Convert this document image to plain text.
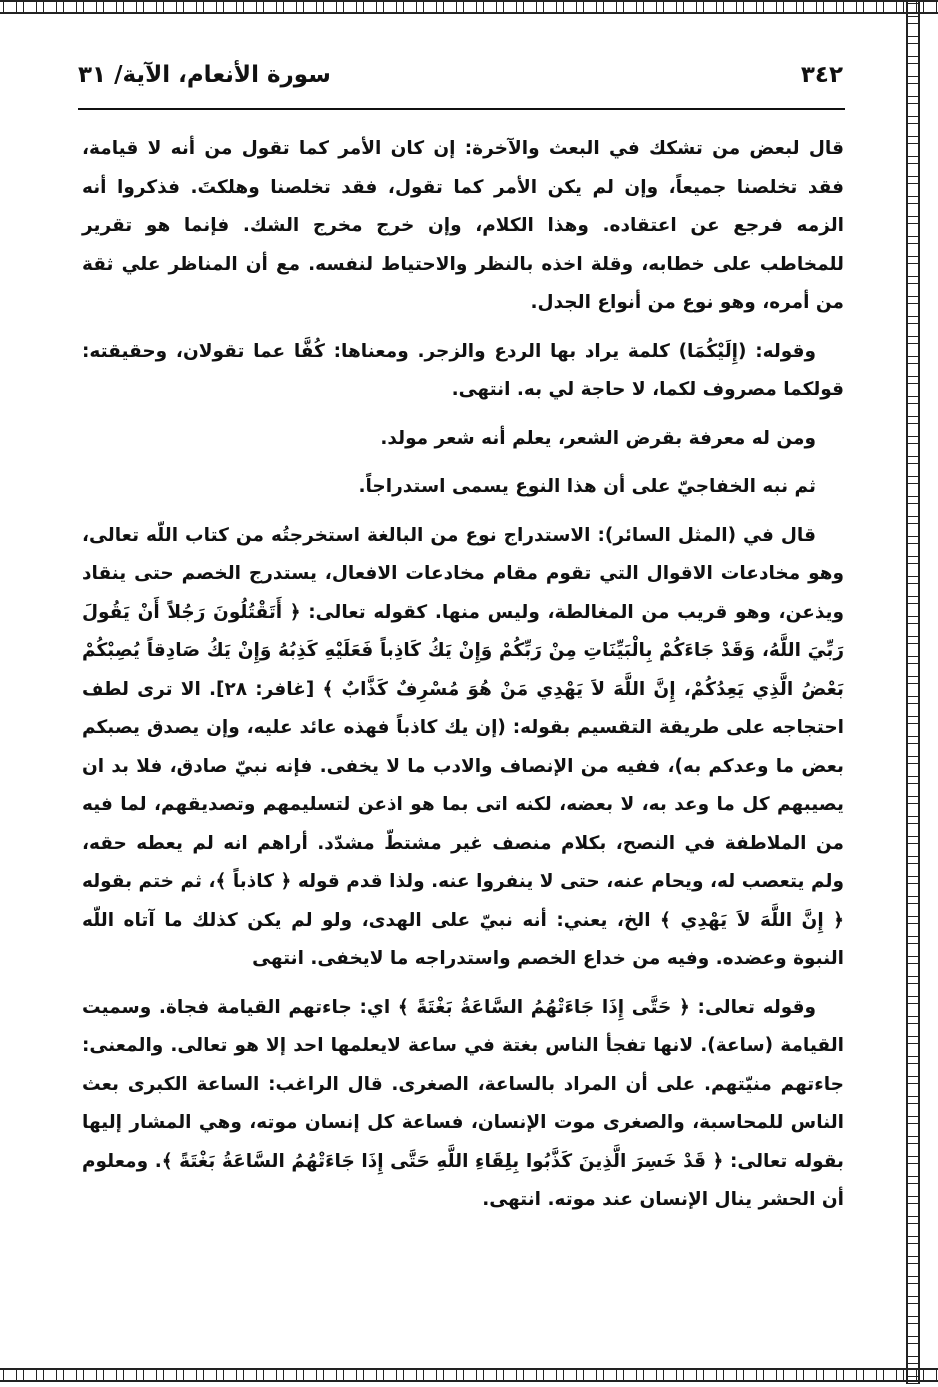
٣٤٢
سورة الأنعام، الآية/ ٣١

قال لبعض من تشكك في البعث والآخرة: إن كان الأمر كما تقول من أنه لا قيامة، فقد تخلصنا جميعاً، وإن لم يكن الأمر كما تقول، فقد تخلصنا وهلكتَ. فذكروا أنه الزمه فرجع عن اعتقاده. وهذا الكلام، وإن خرج مخرج الشك. فإنما هو تقرير للمخاطب على خطابه، وقلة اخذه بالنظر والاحتياط لنفسه. مع أن المناظر علي ثقة من أمره، وهو نوع من أنواع الجدل.

وقوله: (إِلَيْكُمَا) كلمة يراد بها الردع والزجر. ومعناها: كُفَّا عما تقولان، وحقيقته: قولكما مصروف لكما، لا حاجة لي به. انتهى.

ومن له معرفة بقرض الشعر، يعلم أنه شعر مولد.

ثم نبه الخفاجيّ على أن هذا النوع يسمى استدراجاً.

قال في (المثل السائر): الاستدراج نوع من البالغة استخرجتُه من كتاب اللّه تعالى، وهو مخادعات الاقوال التي تقوم مقام مخادعات الافعال، يستدرج الخصم حتى ينقاد ويذعن، وهو قريب من المغالطة، وليس منها. كقوله تعالى: ﴿ أَتَقْتُلُونَ رَجُلاً أَنْ يَقُولَ رَبِّيَ اللَّهُ، وَقَدْ جَاءَكُمْ بِالْبَيِّنَاتِ مِنْ رَبِّكُمْ وَإِنْ يَكُ كَاذِباً فَعَلَيْهِ كَذِبُهُ وَإِنْ يَكُ صَادِقاً يُصِبْكُمْ بَعْضُ الَّذِي يَعِدُكُمْ، إِنَّ اللَّهَ لاَ يَهْدِي مَنْ هُوَ مُسْرِفٌ كَذَّابٌ ﴾ [غافر: ٢٨]. الا ترى لطف احتجاجه على طريقة التقسيم بقوله: (إن يك كاذباً فهذه عائد عليه، وإن يصدق يصبكم بعض ما وعدكم به)، ففيه من الإنصاف والادب ما لا يخفى. فإنه نبيّ صادق، فلا بد ان يصيبهم كل ما وعد به، لا بعضه، لكنه اتى بما هو اذعن لتسليمهم وتصديقهم، لما فيه من الملاطفة في النصح، بكلام منصف غير مشتطّ مشدّد. أراهم انه لم يعطه حقه، ولم يتعصب له، ويحام عنه، حتى لا ينفروا عنه. ولذا قدم قوله ﴿ كاذباً ﴾، ثم ختم بقوله ﴿ إِنَّ اللَّهَ لاَ يَهْدِي ﴾ الخ، يعني: أنه نبيّ على الهدى، ولو لم يكن كذلك ما آتاه اللّه النبوة وعضده. وفيه من خداع الخصم واستدراجه ما لايخفى. انتهى

وقوله تعالى: ﴿ حَتَّى إِذَا جَاءَتْهُمُ السَّاعَةُ بَغْتَةً ﴾ اي: جاءتهم القيامة فجاة. وسميت القيامة (ساعة). لانها تفجأ الناس بغتة في ساعة لايعلمها احد إلا هو تعالى. والمعنى: جاءتهم منيّتهم. على أن المراد بالساعة، الصغرى. قال الراغب: الساعة الكبرى بعث الناس للمحاسبة، والصغرى موت الإنسان، فساعة كل إنسان موته، وهي المشار إليها بقوله تعالى: ﴿ قَدْ خَسِرَ الَّذِينَ كَذَّبُوا بِلِقَاءِ اللَّهِ حَتَّى إِذَا جَاءَتْهُمُ السَّاعَةُ بَغْتَةً ﴾. ومعلوم أن الحشر ينال الإنسان عند موته. انتهى.
